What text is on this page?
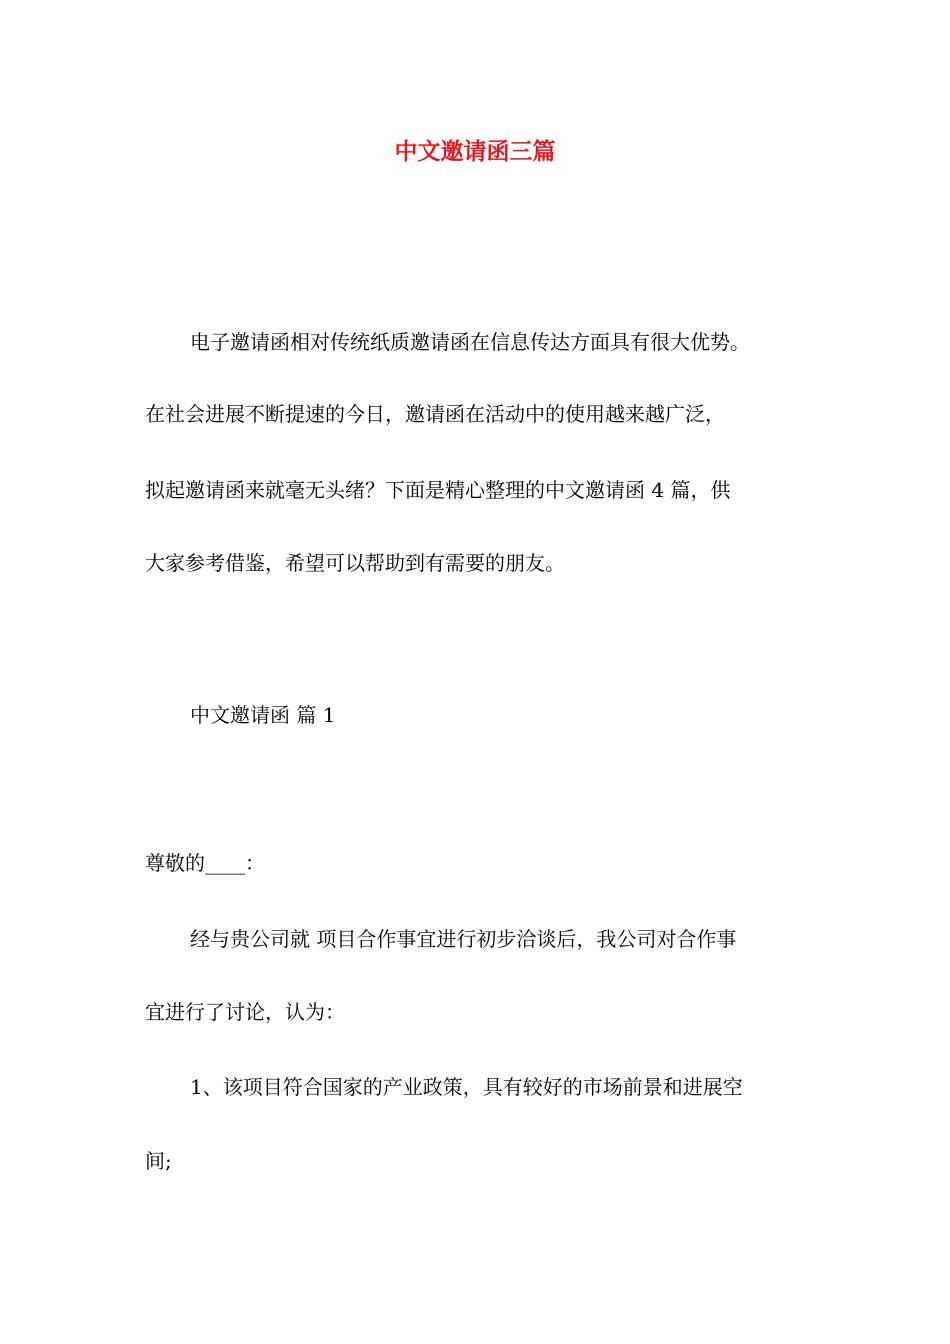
中文邀请函三篇

电子邀请函相对传统纸质邀请函在信息传达方面具有很大优势。

在社会进展不断提速的今日，邀请函在活动中的使用越来越广泛，

拟起邀请函来就毫无头绪？下面是精心整理的中文邀请函 4 篇，供

大家参考借鉴，希望可以帮助到有需要的朋友。

中文邀请函 篇 1

尊敬的____：

经与贵公司就 项目合作事宜进行初步洽谈后，我公司对合作事

宜进行了讨论，认为：

1、该项目符合国家的产业政策，具有较好的市场前景和进展空

间;
